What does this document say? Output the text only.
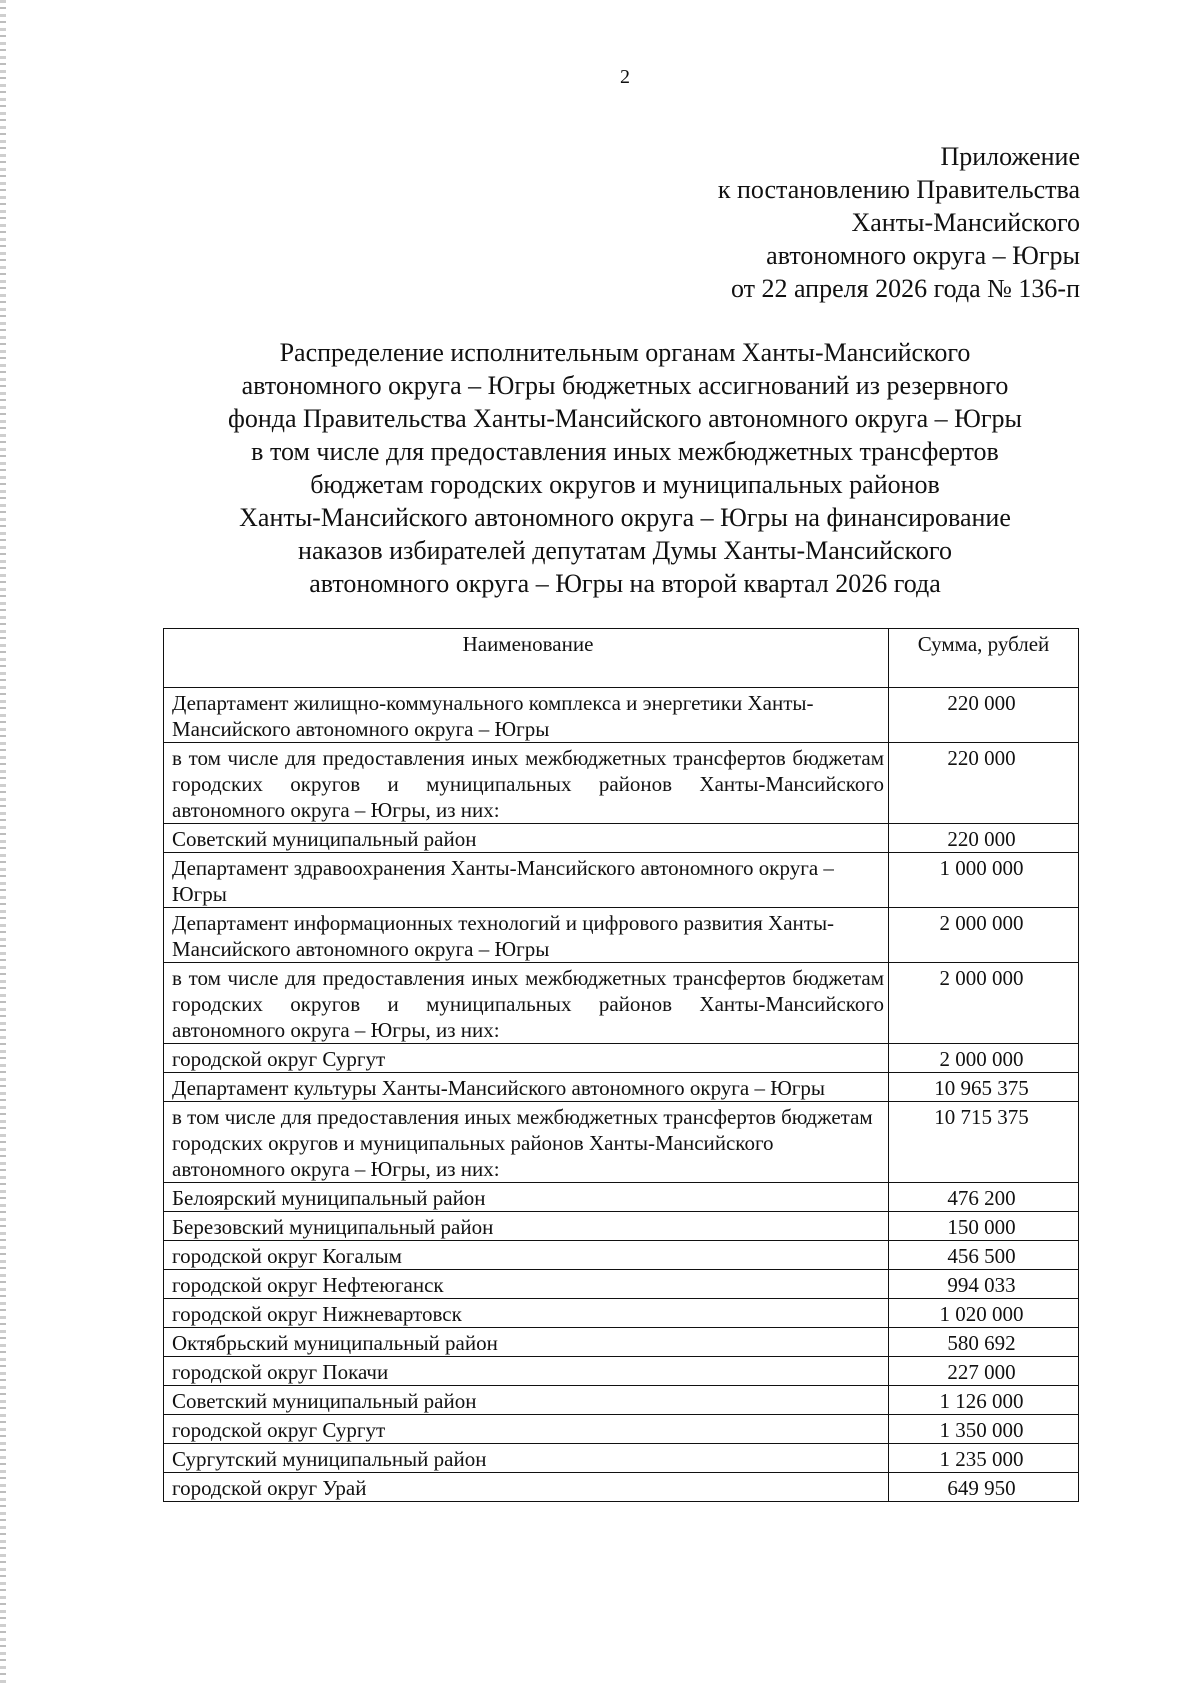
2
Приложение
к постановлению Правительства
Ханты-Мансийского
автономного округа – Югры
от 22 апреля 2026 года № 136-п
Распределение исполнительным органам Ханты-Мансийского
автономного округа – Югры бюджетных ассигнований из резервного
фонда Правительства Ханты-Мансийского автономного округа – Югры
в том числе для предоставления иных межбюджетных трансфертов
бюджетам городских округов и муниципальных районов
Ханты-Мансийского автономного округа – Югры на финансирование
наказов избирателей депутатам Думы Ханты-Мансийского
автономного округа – Югры на второй квартал 2026 года
Наименование	Сумма, рублей
Департамент жилищно-коммунального комплекса и энергетики Ханты-Мансийского автономного округа – Югры	220 000
в том числе для предоставления иных межбюджетных трансфертов бюджетам городских округов и муниципальных районов Ханты-Мансийского автономного округа – Югры, из них:	220 000
Советский муниципальный район	220 000
Департамент здравоохранения Ханты-Мансийского автономного округа – Югры	1 000 000
Департамент информационных технологий и цифрового развития Ханты-Мансийского автономного округа – Югры	2 000 000
в том числе для предоставления иных межбюджетных трансфертов бюджетам городских округов и муниципальных районов Ханты-Мансийского автономного округа – Югры, из них:	2 000 000
городской округ Сургут	2 000 000
Департамент культуры Ханты-Мансийского автономного округа – Югры	10 965 375
в том числе для предоставления иных межбюджетных трансфертов бюджетам городских округов и муниципальных районов Ханты-Мансийского автономного округа – Югры, из них:	10 715 375
Белоярский муниципальный район	476 200
Березовский муниципальный район	150 000
городской округ Когалым	456 500
городской округ Нефтеюганск	994 033
городской округ Нижневартовск	1 020 000
Октябрьский муниципальный район	580 692
городской округ Покачи	227 000
Советский муниципальный район	1 126 000
городской округ Сургут	1 350 000
Сургутский муниципальный район	1 235 000
городской округ Урай	649 950
